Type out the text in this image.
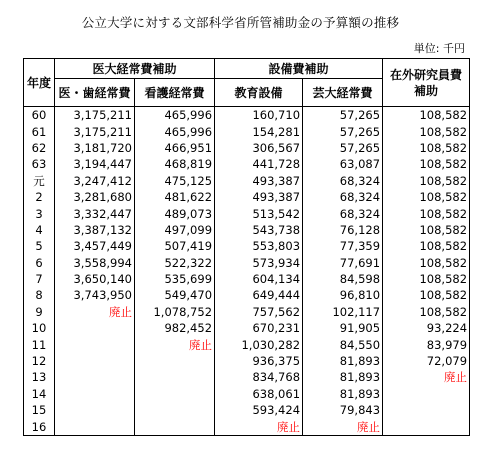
公立大学に対する文部科学省所管補助金の予算額の推移
単位: 千円
年度	医大経常費補助		設備費補助		在外研究員費補助
	医・歯経常費	看護経常費	教育設備	芸大経常費	
60	3,175,211	465,996	160,710	57,265	108,582
61	3,175,211	465,996	154,281	57,265	108,582
62	3,181,720	466,951	306,567	57,265	108,582
63	3,194,447	468,819	441,728	63,087	108,582
元	3,247,412	475,125	493,387	68,324	108,582
2	3,281,680	481,622	493,387	68,324	108,582
3	3,332,447	489,073	513,542	68,324	108,582
4	3,387,132	497,099	543,738	76,128	108,582
5	3,457,449	507,419	553,803	77,359	108,582
6	3,558,994	522,322	573,934	77,691	108,582
7	3,650,140	535,699	604,134	84,598	108,582
8	3,743,950	549,470	649,444	96,810	108,582
9	廃止	1,078,752	757,562	102,117	108,582
10		982,452	670,231	91,905	93,224
11		廃止	1,030,282	84,550	83,979
12			936,375	81,893	72,079
13			834,768	81,893	廃止
14			638,061	81,893	
15			593,424	79,843	
16			廃止	廃止	
